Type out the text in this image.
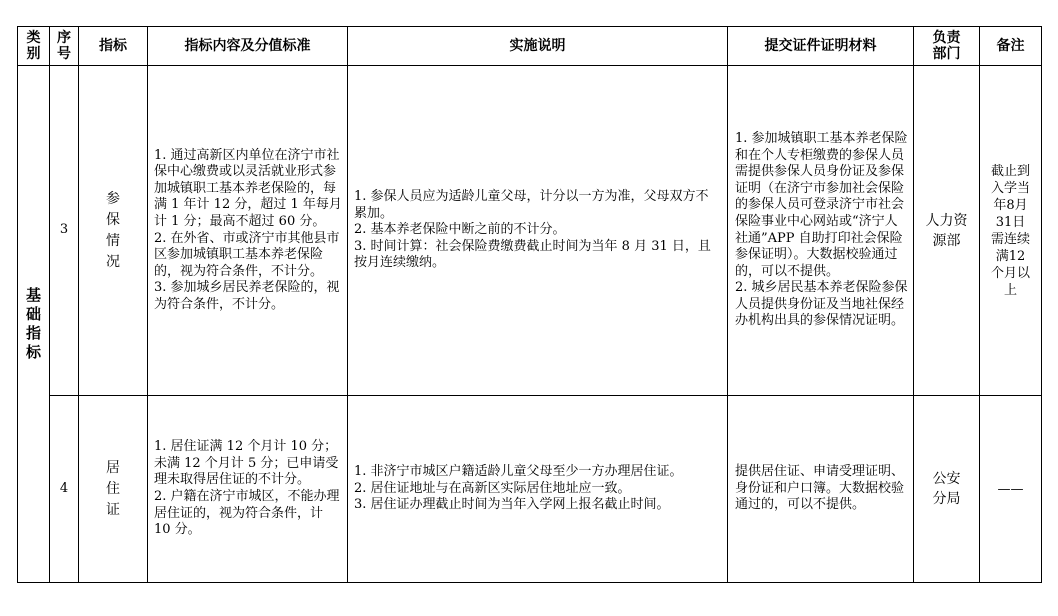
类别	序号	指标	指标内容及分值标准	实施说明	提交证件证明材料	负责部门	备注
基础指标	3	参保情况	1. 通过高新区内单位在济宁市社保中心缴费或以灵活就业形式参加城镇职工基本养老保险的，每满 1 年计 12 分，超过 1 年每月计 1 分；最高不超过 60 分。
2. 在外省、市或济宁市其他县市区参加城镇职工基本养老保险的，视为符合条件，不计分。
3. 参加城乡居民养老保险的，视为符合条件，不计分。	1. 参保人员应为适龄儿童父母，计分以一方为准，父母双方不累加。
2. 基本养老保险中断之前的不计分。
3. 时间计算：社会保险费缴费截止时间为当年 8 月 31 日，且按月连续缴纳。	1. 参加城镇职工基本养老保险和在个人专柜缴费的参保人员需提供参保人员身份证及参保证明（在济宁市参加社会保险的参保人员可登录济宁市社会保险事业中心网站或“济宁人社通”APP 自助打印社会保险参保证明）。大数据校验通过的，可以不提供。
2. 城乡居民基本养老保险参保人员提供身份证及当地社保经办机构出具的参保情况证明。	人力资源部	截止到入学当年8月31日需连续满12个月以上
	4	居住证	1. 居住证满 12 个月计 10 分；未满 12 个月计 5 分；已申请受理未取得居住证的不计分。
2. 户籍在济宁市城区，不能办理居住证的，视为符合条件，计 10 分。	1. 非济宁市城区户籍适龄儿童父母至少一方办理居住证。
2. 居住证地址与在高新区实际居住地址应一致。
3. 居住证办理截止时间为当年入学网上报名截止时间。	提供居住证、申请受理证明、身份证和户口簿。大数据校验通过的，可以不提供。	公安分局	——
